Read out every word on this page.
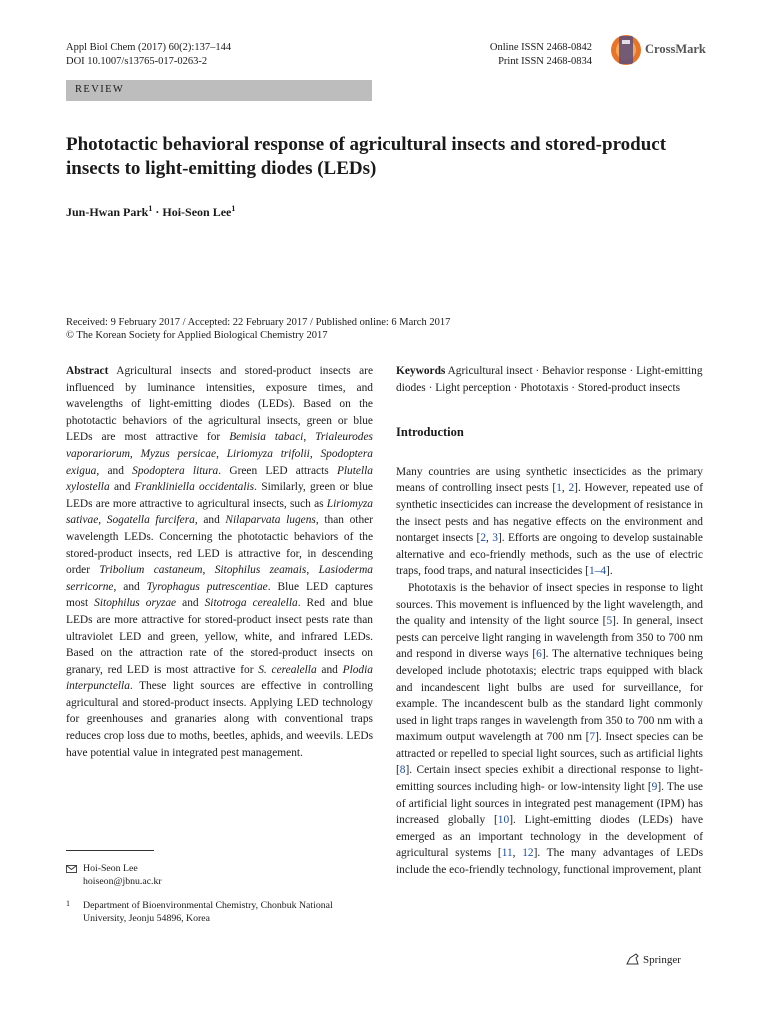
Appl Biol Chem (2017) 60(2):137–144
DOI 10.1007/s13765-017-0263-2
Online ISSN 2468-0842
Print ISSN 2468-0834
CrossMark
REVIEW
Phototactic behavioral response of agricultural insects and stored-product insects to light-emitting diodes (LEDs)
Jun-Hwan Park$^1$ · Hoi-Seon Lee$^1$
Received: 9 February 2017 / Accepted: 22 February 2017 / Published online: 6 March 2017
© The Korean Society for Applied Biological Chemistry 2017
Abstract Agricultural insects and stored-product insects are influenced by luminance intensities, exposure times, and wavelengths of light-emitting diodes (LEDs). Based on the phototactic behaviors of the agricultural insects, green or blue LEDs are most attractive for Bemisia tabaci, Trialeurodes vaporariorum, Myzus persicae, Liriomyza trifolii, Spodoptera exigua, and Spodoptera litura. Green LED attracts Plutella xylostella and Frankliniella occidentalis. Similarly, green or blue LEDs are more attractive to agricultural insects, such as Liriomyza sativae, Sogatella furcifera, and Nilaparvata lugens, than other wavelength LEDs. Concerning the phototactic behaviors of the stored-product insects, red LED is attractive for, in descending order Tribolium castaneum, Sitophilus zeamais, Lasioderma serricorne, and Tyrophagus putrescentiae. Blue LED captures most Sitophilus oryzae and Sitotroga cerealella. Red and blue LEDs are more attractive for stored-product insect pests rate than ultraviolet LED and green, yellow, white, and infrared LEDs. Based on the attraction rate of the stored-product insects on granary, red LED is most attractive for S. cerealella and Plodia interpunctella. These light sources are effective in controlling agricultural and stored-product insects. Applying LED technology for greenhouses and granaries along with conventional traps reduces crop loss due to moths, beetles, aphids, and weevils. LEDs have potential value in integrated pest management.
Hoi-Seon Lee
hoiseon@jbnu.ac.kr
1 Department of Bioenvironmental Chemistry, Chonbuk National University, Jeonju 54896, Korea
Keywords Agricultural insect · Behavior response · Light-emitting diodes · Light perception · Phototaxis · Stored-product insects
Introduction
Many countries are using synthetic insecticides as the primary means of controlling insect pests [1, 2]. However, repeated use of synthetic insecticides can increase the development of resistance in the insect pests and has negative effects on the environment and nontarget insects [2, 3]. Efforts are ongoing to develop sustainable alternative and eco-friendly methods, such as the use of electric traps, food traps, and natural insecticides [1–4].
Phototaxis is the behavior of insect species in response to light sources. This movement is influenced by the light wavelength, and the quality and intensity of the light source [5]. In general, insect pests can perceive light ranging in wavelength from 350 to 700 nm and respond in diverse ways [6]. The alternative techniques being developed include phototaxis; electric traps equipped with black and incandescent light bulbs are used for surveillance, for example. The incandescent bulb as the standard light commonly used in light traps ranges in wavelength from 350 to 700 nm with a maximum output wavelength at 700 nm [7]. Insect species can be attracted or repelled to special light sources, such as artificial lights [8]. Certain insect species exhibit a directional response to light-emitting sources including high- or low-intensity light [9]. The use of artificial light sources in integrated pest management (IPM) has increased globally [10]. Light-emitting diodes (LEDs) have emerged as an important technology in the development of agricultural systems [11, 12]. The many advantages of LEDs include the eco-friendly technology, functional improvement, plant
Springer
